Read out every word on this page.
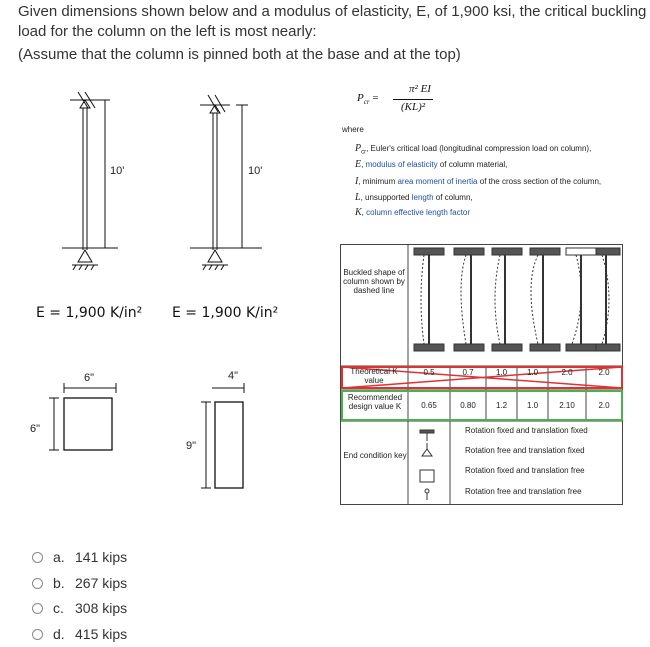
Given dimensions shown below and a modulus of elasticity, E, of 1,900 ksi, the critical buckling
load for the column on the left is most nearly:
(Assume that the column is pinned both at the base and at the top)
10'	10'
E = 1,900 K/in² E = 1,900 K/in²
6"
6"
4"
9"
$P_{cr}$ =
π² EI
(KL)²
where
$P_{cr}$, Euler's critical load (longitudinal compression load on column),
E, modulus of elasticity of column material,
I, minimum area moment of inertia of the cross section of the column,
L, unsupported length of column,
K, column effective length factor
Buckled shape of column shown by dashed line
Theoretical K value
0.5	0.7	1.0	1.0	2.0	2.0
Recommended design value K	0.65	0.80	1.2	1.0	2.10	2.0
End condition key
Rotation fixed and translation fixed
Rotation free and translation fixed
Rotation fixed and translation free
Rotation free and translation free
a. 141 kips
b. 267 kips
c. 308 kips
d. 415 kips
